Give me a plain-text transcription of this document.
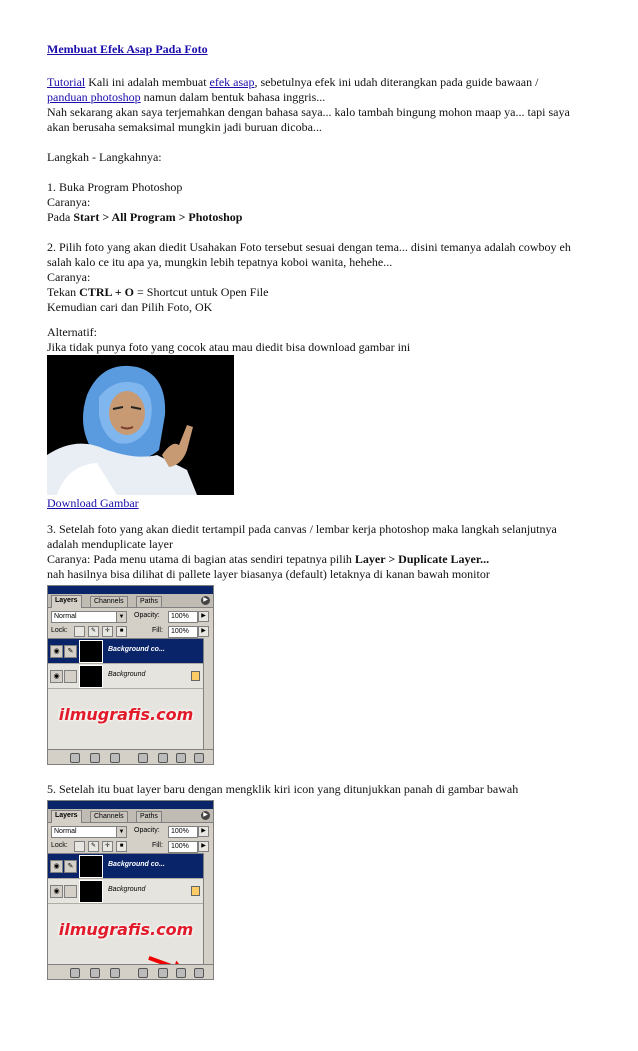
Membuat Efek Asap Pada Foto
Tutorial Kali ini adalah membuat efek asap, sebetulnya efek ini udah diterangkan pada guide bawaan /
panduan photoshop namun dalam bentuk bahasa inggris...
Nah sekarang akan saya terjemahkan dengan bahasa saya... kalo tambah bingung mohon maap ya... tapi saya
akan berusaha semaksimal mungkin jadi buruan dicoba...
Langkah - Langkahnya:
1. Buka Program Photoshop
Caranya:
Pada Start > All Program > Photoshop
2. Pilih foto yang akan diedit Usahakan Foto tersebut sesuai dengan tema... disini temanya adalah cowboy eh
salah kalo ce itu apa ya, mungkin lebih tepatnya koboi wanita, hehehe...
Caranya:
Tekan CTRL + O = Shortcut untuk Open File
Kemudian cari dan Pilih Foto, OK
Alternatif:
Jika tidak punya foto yang cocok atau mau diedit bisa download gambar ini
Download Gambar
3. Setelah foto yang akan diedit tertampil pada canvas / lembar kerja photoshop maka langkah selanjutnya
adalah menduplicate layer
Caranya: Pada menu utama di bagian atas sendiri tepatnya pilih Layer > Duplicate Layer...
nah hasilnya bisa dilihat di pallete layer biasanya (default) letaknya di kanan bawah monitor
Layers	Channels	Paths	▶
Normal	▼ Opacity:	100%	▶
Lock:	✎	✛	■	Fill:	100%	▶
◉	✎	Background co...
◉	Background
ilmugrafis.com
5. Setelah itu buat layer baru dengan mengklik kiri icon yang ditunjukkan panah di gambar bawah
Layers	Channels	Paths	▶
Normal	▼ Opacity:	100%	▶
Lock:	✎	✛	■	Fill:	100%	▶
◉	✎	Background co...
◉	Background
ilmugrafis.com
